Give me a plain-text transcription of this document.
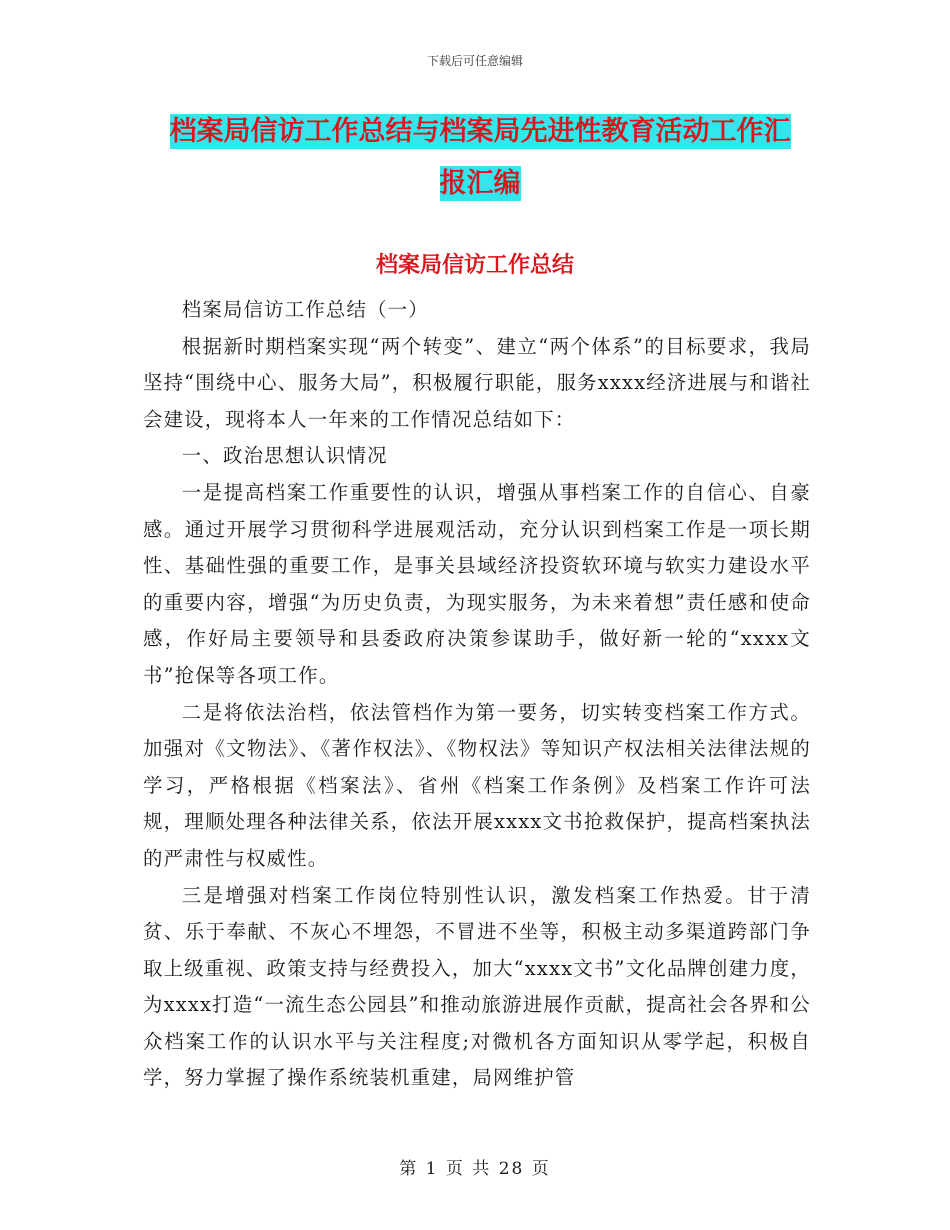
下载后可任意编辑
档案局信访工作总结与档案局先进性教育活动工作汇
报汇编
档案局信访工作总结

档案局信访工作总结（一）

根据新时期档案实现“两个转变”、建立“两个体系”的目标要求，我局坚持“围绕中心、服务大局”，积极履行职能，服务xxxx经济进展与和谐社会建设，现将本人一年来的工作情况总结如下：

一、政治思想认识情况

一是提高档案工作重要性的认识，增强从事档案工作的自信心、自豪感。通过开展学习贯彻科学进展观活动，充分认识到档案工作是一项长期性、基础性强的重要工作，是事关县域经济投资软环境与软实力建设水平的重要内容，增强“为历史负责，为现实服务，为未来着想”责任感和使命感，作好局主要领导和县委政府决策参谋助手，做好新一轮的“xxxx文书”抢保等各项工作。

二是将依法治档，依法管档作为第一要务，切实转变档案工作方式。加强对《文物法》、《著作权法》、《物权法》等知识产权法相关法律法规的学习，严格根据《档案法》、省州《档案工作条例》及档案工作许可法规，理顺处理各种法律关系，依法开展xxxx文书抢救保护，提高档案执法的严肃性与权威性。

三是增强对档案工作岗位特别性认识，激发档案工作热爱。甘于清贫、乐于奉献、不灰心不埋怨，不冒进不坐等，积极主动多渠道跨部门争取上级重视、政策支持与经费投入，加大“xxxx文书”文化品牌创建力度，为xxxx打造“一流生态公园县”和推动旅游进展作贡献，提高社会各界和公众档案工作的认识水平与关注程度;对微机各方面知识从零学起，积极自学，努力掌握了操作系统装机重建，局网维护管

第 1 页 共 28 页
